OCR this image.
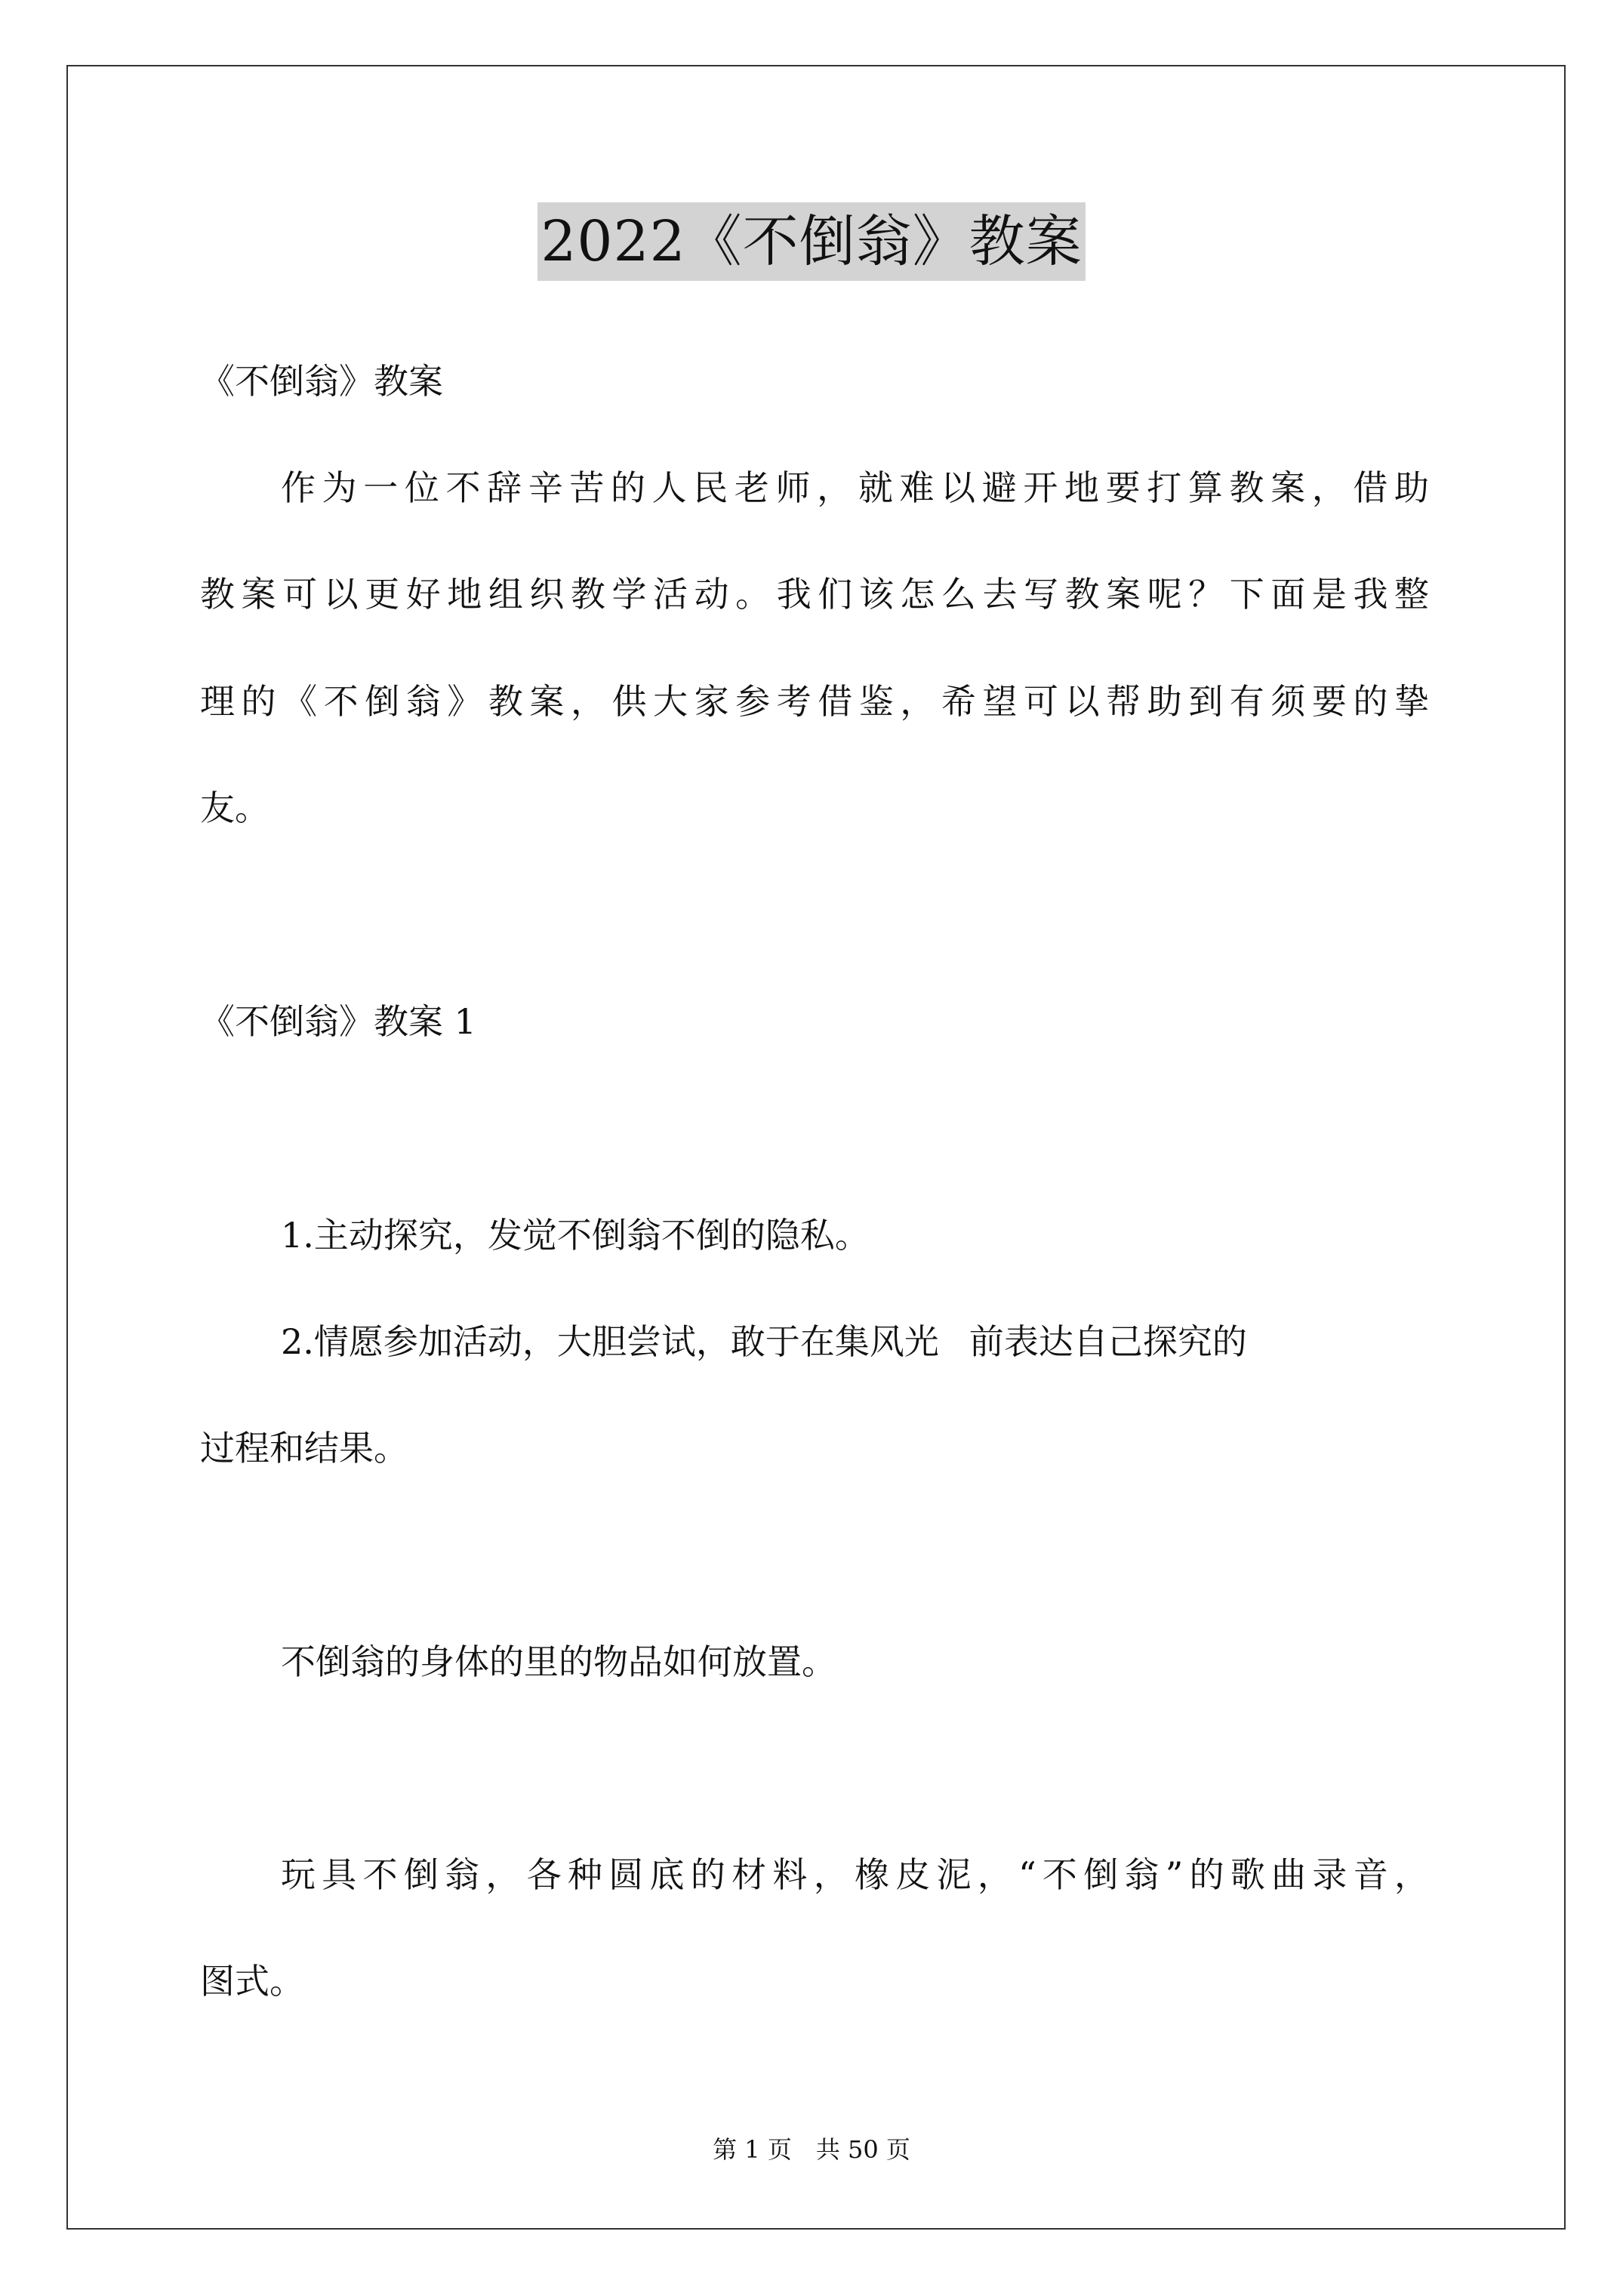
2022《不倒翁》教案
《不倒翁》教案
作为一位不辞辛苦的人民老师，就难以避开地要打算教案，借助
教案可以更好地组织教学活动。我们该怎么去写教案呢？下面是我整
理的《不倒翁》教案，供大家参考借鉴，希望可以帮助到有须要的挚
友。
《不倒翁》教案 1
1.主动探究，发觉不倒翁不倒的隐私。
2.情愿参加活动，大胆尝试，敢于在集风光 前表达自己探究的
过程和结果。
不倒翁的身体的里的物品如何放置。
玩具不倒翁，各种圆底的材料，橡皮泥，“不倒翁”的歌曲录音，
图式。
第 1 页　共 50 页
